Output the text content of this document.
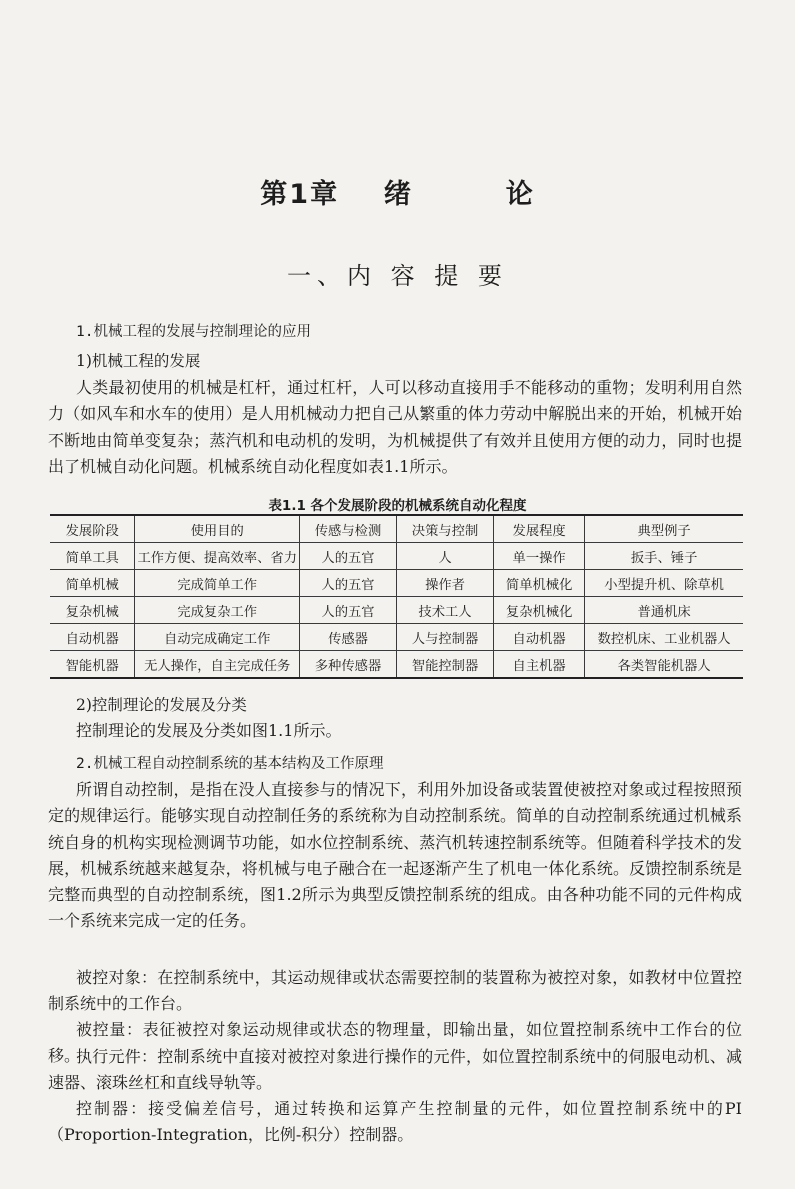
第1章 绪	论
一、内 容 提 要
1.机械工程的发展与控制理论的应用
1)机械工程的发展
人类最初使用的机械是杠杆，通过杠杆，人可以移动直接用手不能移动的重物；发明利用自然力（如风车和水车的使用）是人用机械动力把自己从繁重的体力劳动中解脱出来的开始，机械开始不断地由简单变复杂；蒸汽机和电动机的发明，为机械提供了有效并且使用方便的动力，同时也提出了机械自动化问题。机械系统自动化程度如表1.1所示。
表1.1 各个发展阶段的机械系统自动化程度
发展阶段	使用目的	传感与检测	决策与控制	发展程度	典型例子
简单工具	工作方便、提高效率、省力	人的五官	人	单一操作	扳手、锤子
简单机械	完成简单工作	人的五官	操作者	简单机械化	小型提升机、除草机
复杂机械	完成复杂工作	人的五官	技术工人	复杂机械化	普通机床
自动机器	自动完成确定工作	传感器	人与控制器	自动机器	数控机床、工业机器人
智能机器	无人操作，自主完成任务	多种传感器	智能控制器	自主机器	各类智能机器人
2)控制理论的发展及分类
控制理论的发展及分类如图1.1所示。
2.机械工程自动控制系统的基本结构及工作原理
所谓自动控制，是指在没人直接参与的情况下，利用外加设备或装置使被控对象或过程按照预定的规律运行。能够实现自动控制任务的系统称为自动控制系统。简单的自动控制系统通过机械系统自身的机构实现检测调节功能，如水位控制系统、蒸汽机转速控制系统等。但随着科学技术的发展，机械系统越来越复杂，将机械与电子融合在一起逐渐产生了机电一体化系统。反馈控制系统是完整而典型的自动控制系统，图1.2所示为典型反馈控制系统的组成。由各种功能不同的元件构成一个系统来完成一定的任务。
被控对象：在控制系统中，其运动规律或状态需要控制的装置称为被控对象，如教材中位置控制系统中的工作台。
被控量：表征被控对象运动规律或状态的物理量，即输出量，如位置控制系统中工作台的位移。
执行元件：控制系统中直接对被控对象进行操作的元件，如位置控制系统中的伺服电动机、减速器、滚珠丝杠和直线导轨等。
控制器：接受偏差信号，通过转换和运算产生控制量的元件，如位置控制系统中的PI（Proportion-Integration，比例-积分）控制器。
